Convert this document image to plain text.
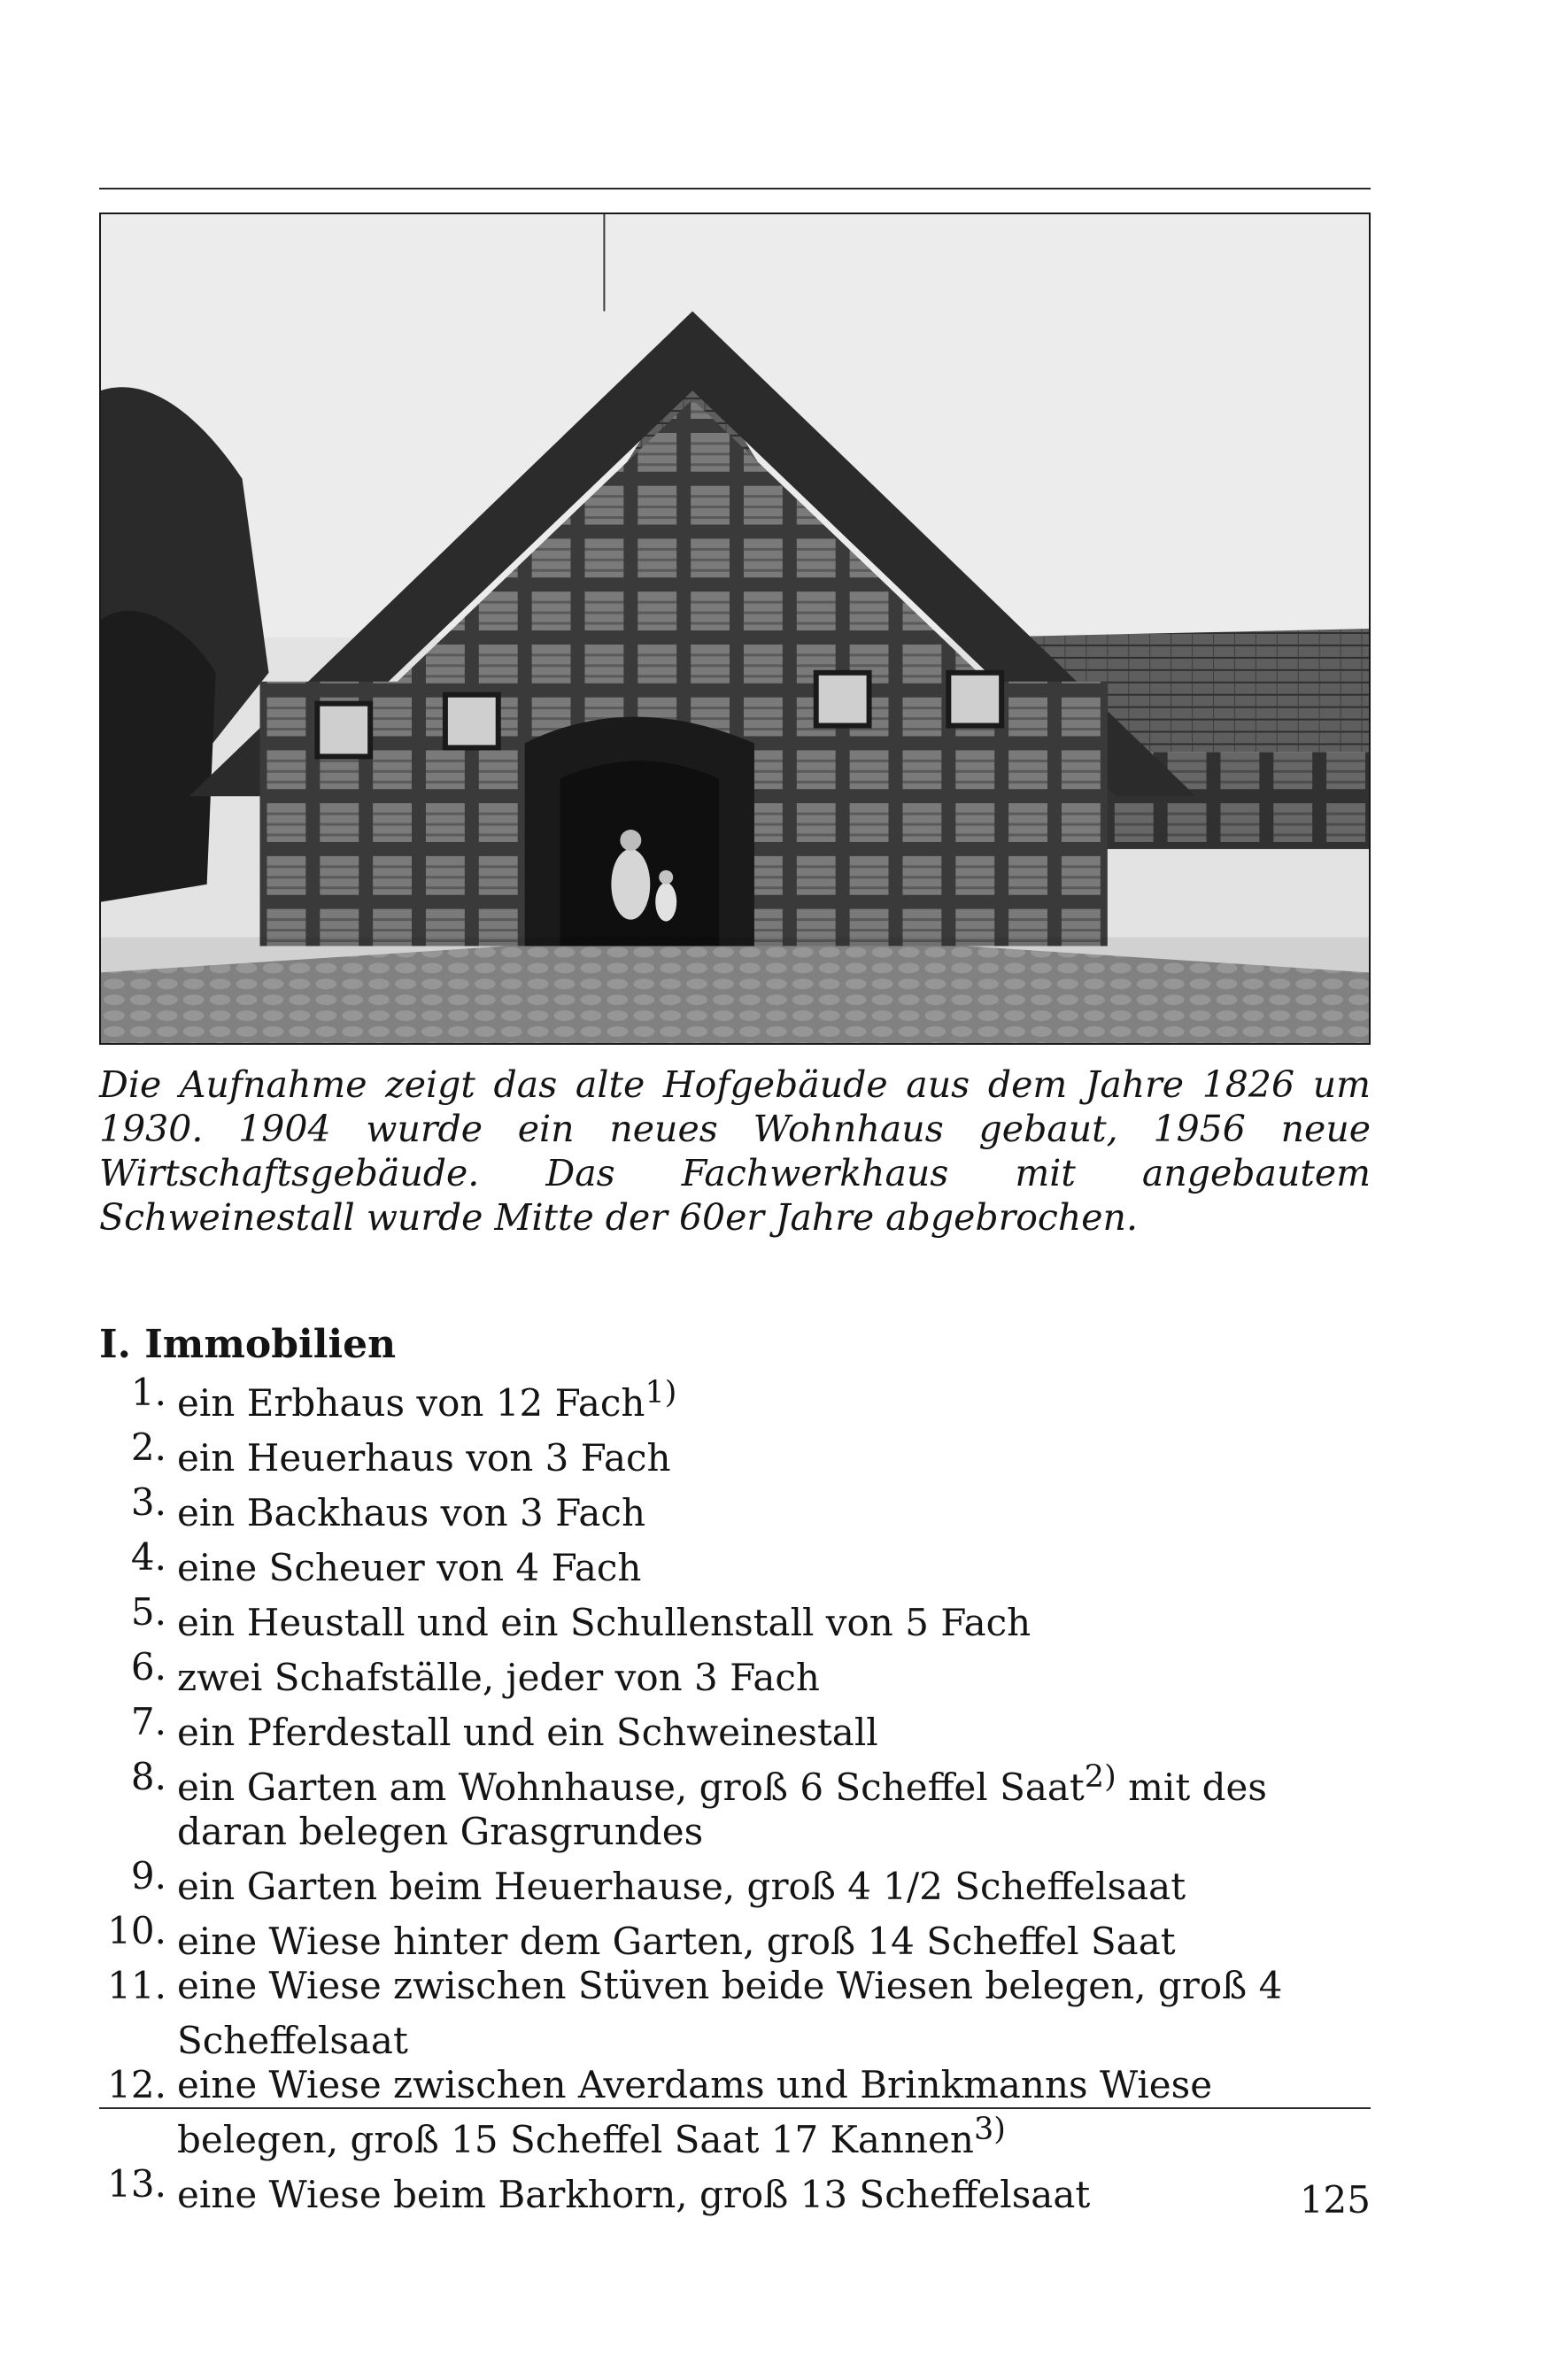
Die Aufnahme zeigt das alte Hofgebäude aus dem Jahre 1826 um 1930. 1904 wurde ein neues Wohnhaus gebaut, 1956 neue Wirtschaftsgebäude. Das Fachwerkhaus mit angebautem Schweinestall wurde Mitte der 60er Jahre abgebrochen.

I. Immobilien
1. ein Erbhaus von 12 Fach$^{1)}$
2. ein Heuerhaus von 3 Fach
3. ein Backhaus von 3 Fach
4. eine Scheuer von 4 Fach
5. ein Heustall und ein Schullenstall von 5 Fach
6. zwei Schafställe, jeder von 3 Fach
7. ein Pferdestall und ein Schweinestall
8. ein Garten am Wohnhause, groß 6 Scheffel Saat$^{2)}$ mit des daran belegen Grasgrundes
9. ein Garten beim Heuerhause, groß 4 1/2 Scheffelsaat
10. eine Wiese hinter dem Garten, groß 14 Scheffel Saat
11. eine Wiese zwischen Stüven beide Wiesen belegen, groß 4 Scheffelsaat
12. eine Wiese zwischen Averdams und Brinkmanns Wiese belegen, groß 15 Scheffel Saat 17 Kannen$^{3)}$
13. eine Wiese beim Barkhorn, groß 13 Scheffelsaat	125
